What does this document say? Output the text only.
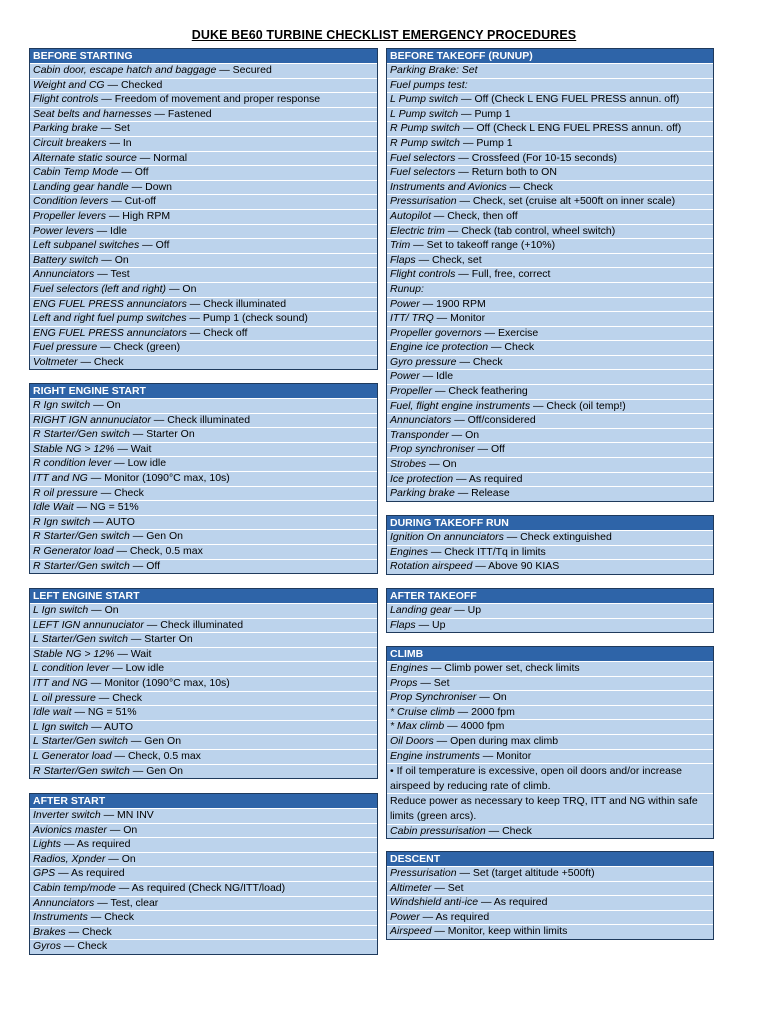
DUKE BE60 TURBINE CHECKLIST EMERGENCY PROCEDURES
BEFORE STARTING
Cabin door, escape hatch and baggage — Secured
Weight and CG — Checked
Flight controls — Freedom of movement and proper response
Seat belts and harnesses — Fastened
Parking brake — Set
Circuit breakers — In
Alternate static source — Normal
Cabin Temp Mode — Off
Landing gear handle — Down
Condition levers — Cut-off
Propeller levers — High RPM
Power levers — Idle
Left subpanel switches — Off
Battery switch — On
Annunciators — Test
Fuel selectors (left and right) — On
ENG FUEL PRESS annunciators — Check illuminated
Left and right fuel pump switches — Pump 1 (check sound)
ENG FUEL PRESS annunciators — Check off
Fuel pressure — Check (green)
Voltmeter — Check
RIGHT ENGINE START
R Ign switch — On
RIGHT IGN annunuciator — Check illuminated
R Starter/Gen switch — Starter On
Stable NG > 12% — Wait
R condition lever — Low idle
ITT and NG — Monitor (1090°C max, 10s)
R oil pressure — Check
Idle Wait — NG = 51%
R Ign switch — AUTO
R Starter/Gen switch — Gen On
R Generator load — Check, 0.5 max
R Starter/Gen switch — Off
LEFT ENGINE START
L Ign switch — On
LEFT IGN annunuciator — Check illuminated
L Starter/Gen switch — Starter On
Stable NG > 12% — Wait
L condition lever — Low idle
ITT and NG — Monitor (1090°C max, 10s)
L oil pressure — Check
Idle wait — NG = 51%
L Ign switch — AUTO
L Starter/Gen switch — Gen On
L Generator load — Check, 0.5 max
R Starter/Gen switch — Gen On
AFTER START
Inverter switch — MN INV
Avionics master — On
Lights — As required
Radios, Xpnder — On
GPS — As required
Cabin temp/mode — As required (Check NG/ITT/load)
Annunciators — Test, clear
Instruments — Check
Brakes — Check
Gyros — Check
BEFORE TAKEOFF (RUNUP)
Parking Brake: Set
Fuel pumps test:
L Pump switch — Off (Check L ENG FUEL PRESS annun. off)
L Pump switch — Pump 1
R Pump switch — Off (Check L ENG FUEL PRESS annun. off)
R Pump switch — Pump 1
Fuel selectors — Crossfeed (For 10-15 seconds)
Fuel selectors — Return both to ON
Instruments and Avionics — Check
Pressurisation — Check, set (cruise alt +500ft on inner scale)
Autopilot — Check, then off
Electric trim — Check (tab control, wheel switch)
Trim — Set to takeoff range (+10%)
Flaps — Check, set
Flight controls — Full, free, correct
Runup:
Power — 1900 RPM
ITT/ TRQ — Monitor
Propeller governors — Exercise
Engine ice protection — Check
Gyro pressure — Check
Power — Idle
Propeller — Check feathering
Fuel, flight engine instruments — Check (oil temp!)
Annunciators — Off/considered
Transponder — On
Prop synchroniser — Off
Strobes — On
Ice protection — As required
Parking brake — Release
DURING TAKEOFF RUN
Ignition On annunciators — Check extinguished
Engines — Check ITT/Tq in limits
Rotation airspeed — Above 90 KIAS
AFTER TAKEOFF
Landing gear — Up
Flaps — Up
CLIMB
Engines — Climb power set, check limits
Props — Set
Prop Synchroniser — On
* Cruise climb — 2000 fpm
* Max climb — 4000 fpm
Oil Doors — Open during max climb
Engine instruments — Monitor
• If oil temperature is excessive, open oil doors and/or increase airspeed by reducing rate of climb.
Reduce power as necessary to keep TRQ, ITT and NG within safe limits (green arcs).
Cabin pressurisation — Check
DESCENT
Pressurisation — Set (target altitude +500ft)
Altimeter — Set
Windshield anti-ice — As required
Power — As required
Airspeed — Monitor, keep within limits
